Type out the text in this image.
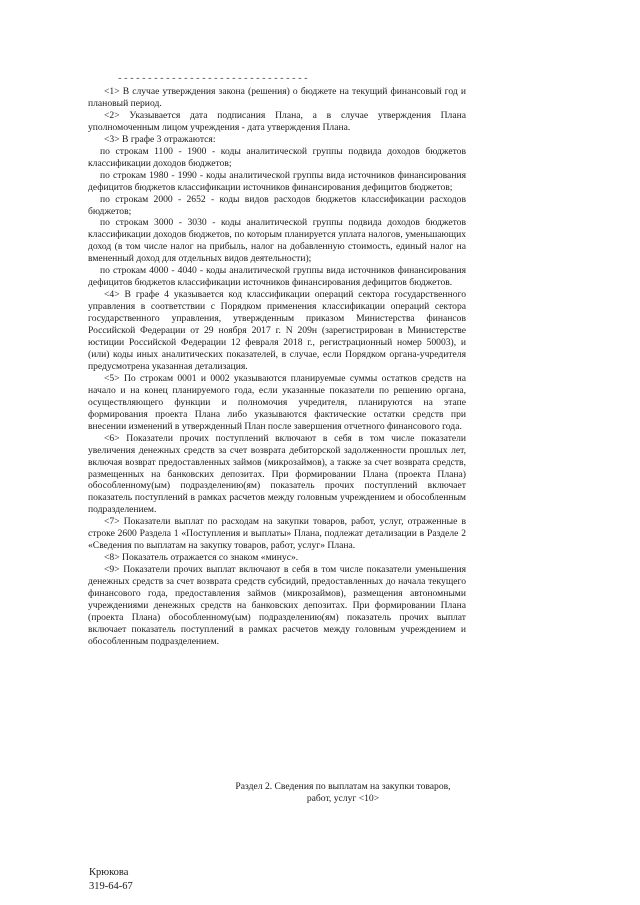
--------------------------------

<1> В случае утверждения закона (решения) о бюджете на текущий финансовый год и плановый период.

<2> Указывается дата подписания Плана, а в случае утверждения Плана уполномоченным лицом учреждения - дата утверждения Плана.

<3> В графе 3 отражаются:

по строкам 1100 - 1900 - коды аналитической группы подвида доходов бюджетов классификации доходов бюджетов;

по строкам 1980 - 1990 - коды аналитической группы вида источников финансирования дефицитов бюджетов классификации источников финансирования дефицитов бюджетов;

по строкам 2000 - 2652 - коды видов расходов бюджетов классификации расходов бюджетов;

по строкам 3000 - 3030 - коды аналитической группы подвида доходов бюджетов классификации доходов бюджетов, по которым планируется уплата налогов, уменьшающих доход (в том числе налог на прибыль, налог на добавленную стоимость, единый налог на вмененный доход для отдельных видов деятельности);

по строкам 4000 - 4040 - коды аналитической группы вида источников финансирования дефицитов бюджетов классификации источников финансирования дефицитов бюджетов.

<4> В графе 4 указывается код классификации операций сектора государственного управления в соответствии с Порядком применения классификации операций сектора государственного управления, утвержденным приказом Министерства финансов Российской Федерации от 29 ноября 2017 г. N 209н (зарегистрирован в Министерстве юстиции Российской Федерации 12 февраля 2018 г., регистрационный номер 50003), и (или) коды иных аналитических показателей, в случае, если Порядком органа-учредителя предусмотрена указанная детализация.

<5> По строкам 0001 и 0002 указываются планируемые суммы остатков средств на начало и на конец планируемого года, если указанные показатели по решению органа, осуществляющего функции и полномочия учредителя, планируются на этапе формирования проекта Плана либо указываются фактические остатки средств при внесении изменений в утвержденный План после завершения отчетного финансового года.

<6> Показатели прочих поступлений включают в себя в том числе показатели увеличения денежных средств за счет возврата дебиторской задолженности прошлых лет, включая возврат предоставленных займов (микрозаймов), а также за счет возврата средств, размещенных на банковских депозитах. При формировании Плана (проекта Плана) обособленному(ым) подразделению(ям) показатель прочих поступлений включает показатель поступлений в рамках расчетов между головным учреждением и обособленным подразделением.

<7> Показатели выплат по расходам на закупки товаров, работ, услуг, отраженные в строке 2600 Раздела 1 «Поступления и выплаты» Плана, подлежат детализации в Разделе 2 «Сведения по выплатам на закупку товаров, работ, услуг» Плана.

<8> Показатель отражается со знаком «минус».

<9> Показатели прочих выплат включают в себя в том числе показатели уменьшения денежных средств за счет возврата средств субсидий, предоставленных до начала текущего финансового года, предоставления займов (микрозаймов), размещения автономными учреждениями денежных средств на банковских депозитах. При формировании Плана (проекта Плана) обособленному(ым) подразделению(ям) показатель прочих выплат включает показатель поступлений в рамках расчетов между головным учреждением и обособленным подразделением.

Раздел 2. Сведения по выплатам на закупки товаров,
работ, услуг <10>
Крюкова
319-64-67
